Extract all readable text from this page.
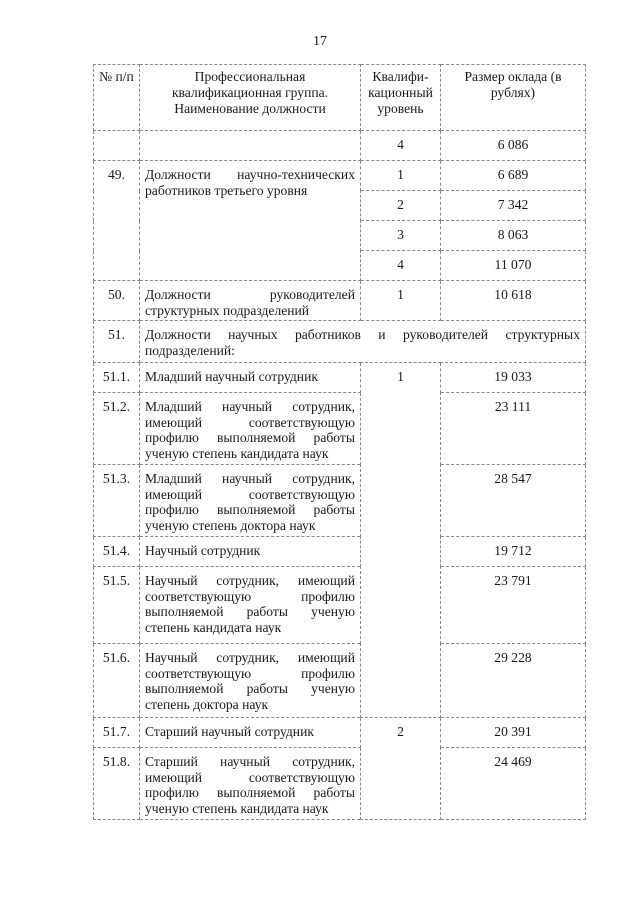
17
№ п/п	Профессиональная квалификационная группа. Наименование должности	Квалифи-кационный уровень	Размер оклада (в рублях)
		4	6 086
49.	Должности научно-технических работников третьего уровня	1	6 689
		2	7 342
		3	8 063
		4	11 070
50.	Должности руководителей структурных подразделений	1	10 618
51.	Должности научных работников и руководителей структурных подразделений:		
51.1.	Младший научный сотрудник	1	19 033
51.2.	Младший научный сотрудник, имеющий соответствующую профилю выполняемой работы ученую степень кандидата наук		23 111
51.3.	Младший научный сотрудник, имеющий соответствующую профилю выполняемой работы ученую степень доктора наук		28 547
51.4.	Научный сотрудник		19 712
51.5.	Научный сотрудник, имеющий соответствующую профилю выполняемой работы ученую степень кандидата наук		23 791
51.6.	Научный сотрудник, имеющий соответствующую профилю выполняемой работы ученую степень доктора наук		29 228
51.7.	Старший научный сотрудник	2	20 391
51.8.	Старший научный сотрудник, имеющий соответствующую профилю выполняемой работы ученую степень кандидата наук		24 469
